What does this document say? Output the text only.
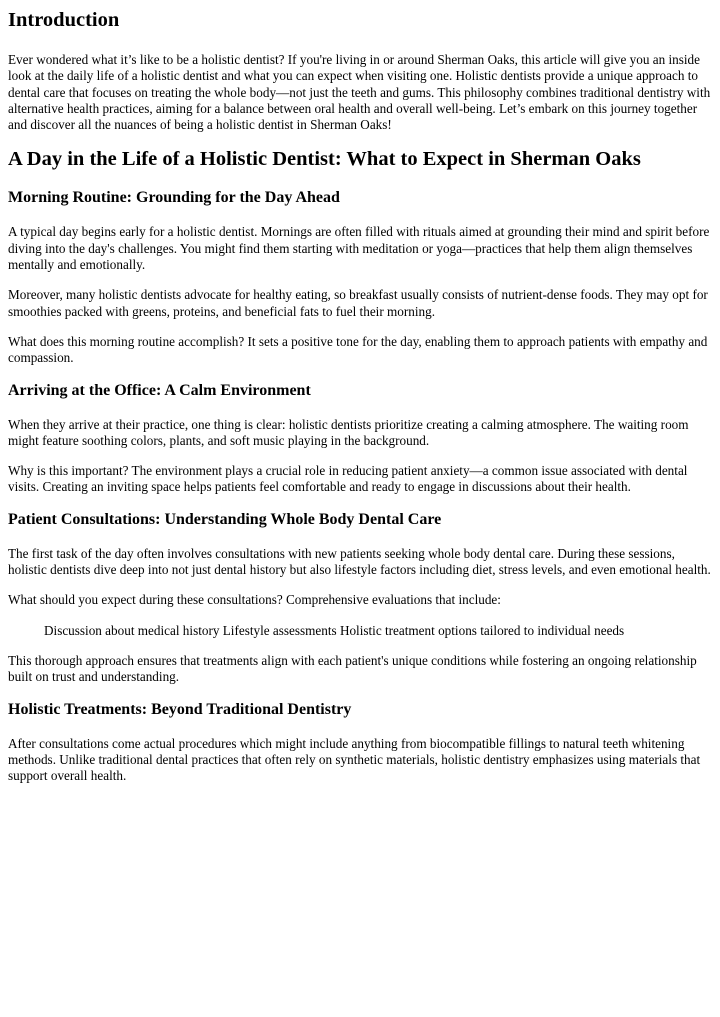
Introduction

Ever wondered what it’s like to be a holistic dentist? If you're living in or around Sherman Oaks, this article will give you an inside look at the daily life of a holistic dentist and what you can expect when visiting one. Holistic dentists provide a unique approach to dental care that focuses on treating the whole body—not just the teeth and gums. This philosophy combines traditional dentistry with alternative health practices, aiming for a balance between oral health and overall well-being. Let’s embark on this journey together and discover all the nuances of being a holistic dentist in Sherman Oaks!

A Day in the Life of a Holistic Dentist: What to Expect in Sherman Oaks
Morning Routine: Grounding for the Day Ahead

A typical day begins early for a holistic dentist. Mornings are often filled with rituals aimed at grounding their mind and spirit before diving into the day's challenges. You might find them starting with meditation or yoga—practices that help them align themselves mentally and emotionally.

Moreover, many holistic dentists advocate for healthy eating, so breakfast usually consists of nutrient-dense foods. They may opt for smoothies packed with greens, proteins, and beneficial fats to fuel their morning.

What does this morning routine accomplish? It sets a positive tone for the day, enabling them to approach patients with empathy and compassion.

Arriving at the Office: A Calm Environment

When they arrive at their practice, one thing is clear: holistic dentists prioritize creating a calming atmosphere. The waiting room might feature soothing colors, plants, and soft music playing in the background.

Why is this important? The environment plays a crucial role in reducing patient anxiety—a common issue associated with dental visits. Creating an inviting space helps patients feel comfortable and ready to engage in discussions about their health.

Patient Consultations: Understanding Whole Body Dental Care

The first task of the day often involves consultations with new patients seeking whole body dental care. During these sessions, holistic dentists dive deep into not just dental history but also lifestyle factors including diet, stress levels, and even emotional health.

What should you expect during these consultations? Comprehensive evaluations that include:

Discussion about medical history Lifestyle assessments Holistic treatment options tailored to individual needs

This thorough approach ensures that treatments align with each patient's unique conditions while fostering an ongoing relationship built on trust and understanding.

Holistic Treatments: Beyond Traditional Dentistry

After consultations come actual procedures which might include anything from biocompatible fillings to natural teeth whitening methods. Unlike traditional dental practices that often rely on synthetic materials, holistic dentistry emphasizes using materials that support overall health.
